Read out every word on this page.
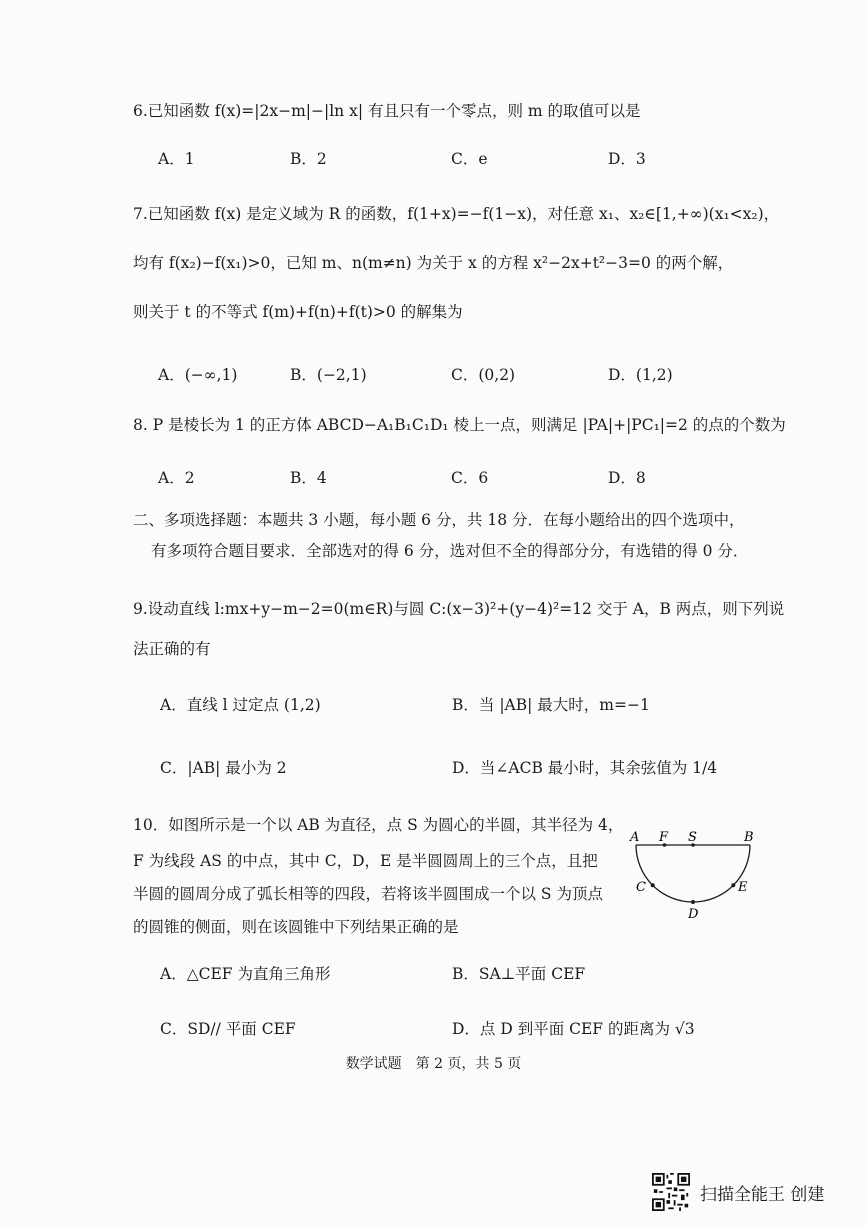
6.已知函数 f(x)=|2x−m|−|ln x| 有且只有一个零点，则 m 的取值可以是
A．1	B．2	C．e	D．3
7.已知函数 f(x) 是定义域为 R 的函数，f(1+x)=−f(1−x)，对任意 x₁、x₂∈[1,+∞)(x₁<x₂)，
均有 f(x₂)−f(x₁)>0，已知 m、n(m≠n) 为关于 x 的方程 x²−2x+t²−3=0 的两个解，
则关于 t 的不等式 f(m)+f(n)+f(t)>0 的解集为
A．(−∞,1)	B．(−2,1)	C．(0,2)	D．(1,2)
8. P 是棱长为 1 的正方体 ABCD−A₁B₁C₁D₁ 棱上一点，则满足 |PA|+|PC₁|=2 的点的个数为
A．2	B．4	C．6	D．8
二、多项选择题：本题共 3 小题，每小题 6 分，共 18 分．在每小题给出的四个选项中，
有多项符合题目要求．全部选对的得 6 分，选对但不全的得部分分，有选错的得 0 分．
9.设动直线 l:mx+y−m−2=0(m∈R)与圆 C:(x−3)²+(y−4)²=12 交于 A，B 两点，则下列说
法正确的有
A．直线 l 过定点 (1,2)	B．当 |AB| 最大时，m=−1
C．|AB| 最小为 2	D．当∠ACB 最小时，其余弦值为 1/4
10．如图所示是一个以 AB 为直径，点 S 为圆心的半圆，其半径为 4，
F 为线段 AS 的中点，其中 C，D，E 是半圆圆周上的三个点，且把
半圆的圆周分成了弧长相等的四段，若将该半圆围成一个以 S 为顶点
的圆锥的侧面，则在该圆锥中下列结果正确的是
A F S	B
C
D
E
A．△CEF 为直角三角形	B．SA⊥平面 CEF
C．SD// 平面 CEF	D．点 D 到平面 CEF 的距离为 √3
数学试题　第 2 页，共 5 页
扫描全能王 创建
